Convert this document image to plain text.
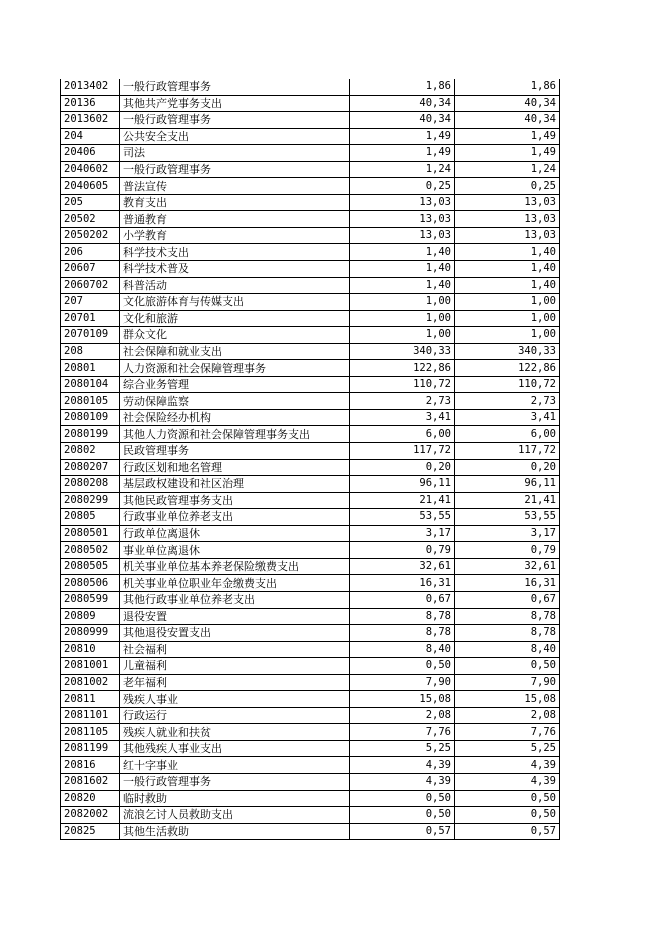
2013402	一般行政管理事务	1,86	1,86
20136	其他共产党事务支出	40,34	40,34
2013602	一般行政管理事务	40,34	40,34
204	公共安全支出	1,49	1,49
20406	司法	1,49	1,49
2040602	一般行政管理事务	1,24	1,24
2040605	普法宣传	0,25	0,25
205	教育支出	13,03	13,03
20502	普通教育	13,03	13,03
2050202	小学教育	13,03	13,03
206	科学技术支出	1,40	1,40
20607	科学技术普及	1,40	1,40
2060702	科普活动	1,40	1,40
207	文化旅游体育与传媒支出	1,00	1,00
20701	文化和旅游	1,00	1,00
2070109	群众文化	1,00	1,00
208	社会保障和就业支出	340,33	340,33
20801	人力资源和社会保障管理事务	122,86	122,86
2080104	综合业务管理	110,72	110,72
2080105	劳动保障监察	2,73	2,73
2080109	社会保险经办机构	3,41	3,41
2080199	其他人力资源和社会保障管理事务支出	6,00	6,00
20802	民政管理事务	117,72	117,72
2080207	行政区划和地名管理	0,20	0,20
2080208	基层政权建设和社区治理	96,11	96,11
2080299	其他民政管理事务支出	21,41	21,41
20805	行政事业单位养老支出	53,55	53,55
2080501	行政单位离退休	3,17	3,17
2080502	事业单位离退休	0,79	0,79
2080505	机关事业单位基本养老保险缴费支出	32,61	32,61
2080506	机关事业单位职业年金缴费支出	16,31	16,31
2080599	其他行政事业单位养老支出	0,67	0,67
20809	退役安置	8,78	8,78
2080999	其他退役安置支出	8,78	8,78
20810	社会福利	8,40	8,40
2081001	儿童福利	0,50	0,50
2081002	老年福利	7,90	7,90
20811	残疾人事业	15,08	15,08
2081101	行政运行	2,08	2,08
2081105	残疾人就业和扶贫	7,76	7,76
2081199	其他残疾人事业支出	5,25	5,25
20816	红十字事业	4,39	4,39
2081602	一般行政管理事务	4,39	4,39
20820	临时救助	0,50	0,50
2082002	流浪乞讨人员救助支出	0,50	0,50
20825	其他生活救助	0,57	0,57
